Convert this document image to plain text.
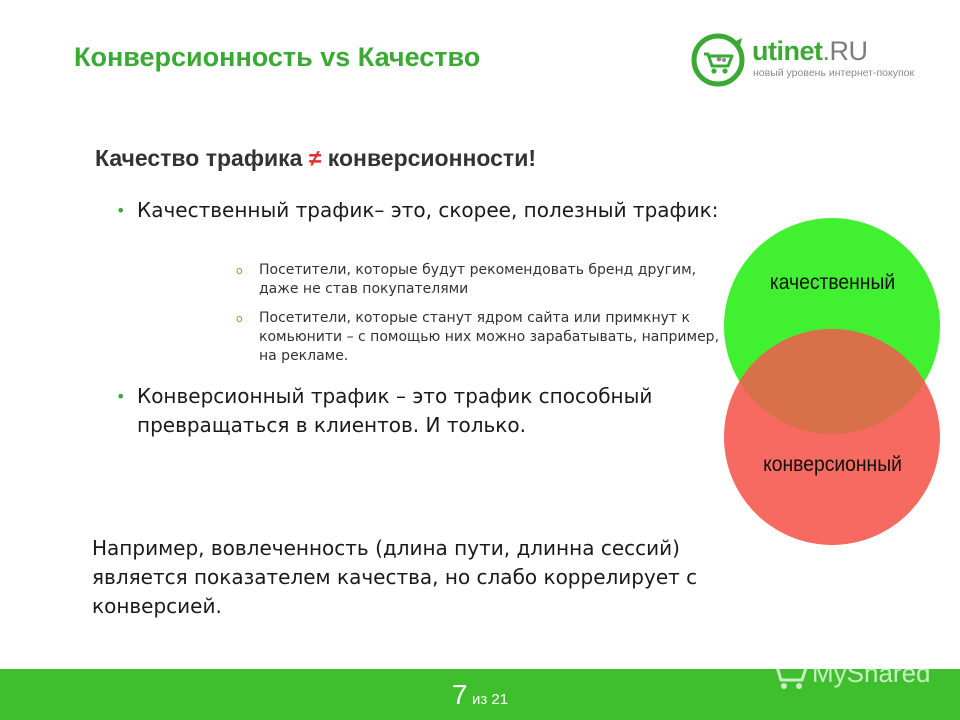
Конверсионность vs Качество	utinet.RU
новый уровень интернет-покупок
Качество трафика ≠ конверсионности!
• Качественный трафик– это, скорее, полезный трафик:
o Посетители, которые будут рекомендовать бренд другим, даже не став покупателями
o Посетители, которые станут ядром сайта или примкнут к комьюнити – с помощью них можно зарабатывать, например, на рекламе.
• Конверсионный трафик – это трафик способный превращаться в клиентов. И только.
Например, вовлеченность (длина пути, длинна сессий) является показателем качества, но слабо коррелирует с конверсией.
качественный
конверсионный
7 из 21
MyShared
